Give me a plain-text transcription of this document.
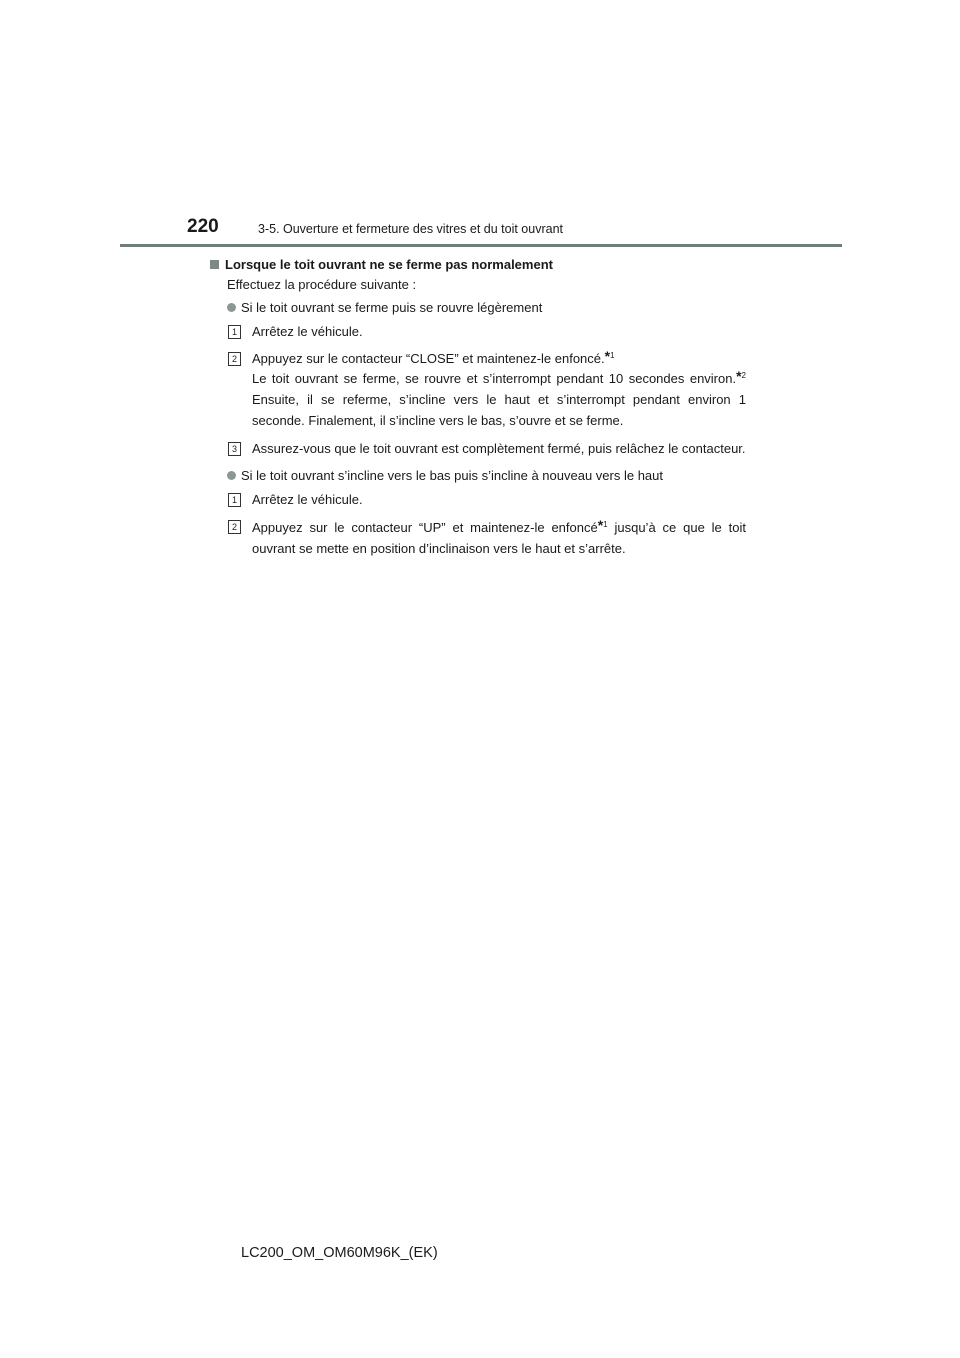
220	3-5. Ouverture et fermeture des vitres et du toit ouvrant
Lorsque le toit ouvrant ne se ferme pas normalement
Effectuez la procédure suivante :
Si le toit ouvrant se ferme puis se rouvre légèrement
1	Arrêtez le véhicule.
2	Appuyez sur le contacteur “CLOSE” et maintenez-le enfoncé.*$^1$
Le toit ouvrant se ferme, se rouvre et s’interrompt pendant 10 secondes environ.*$^2$ Ensuite, il se referme, s’incline vers le haut et s’interrompt pendant environ 1 seconde. Finalement, il s’incline vers le bas, s’ouvre et se ferme.
3	Assurez-vous que le toit ouvrant est complètement fermé, puis relâchez le contacteur.
Si le toit ouvrant s’incline vers le bas puis s’incline à nouveau vers le haut
1	Arrêtez le véhicule.
2	Appuyez sur le contacteur “UP” et maintenez-le enfoncé*$^1$ jusqu’à ce que le toit ouvrant se mette en position d’inclinaison vers le haut et s’arrête.
LC200_OM_OM60M96K_(EK)
